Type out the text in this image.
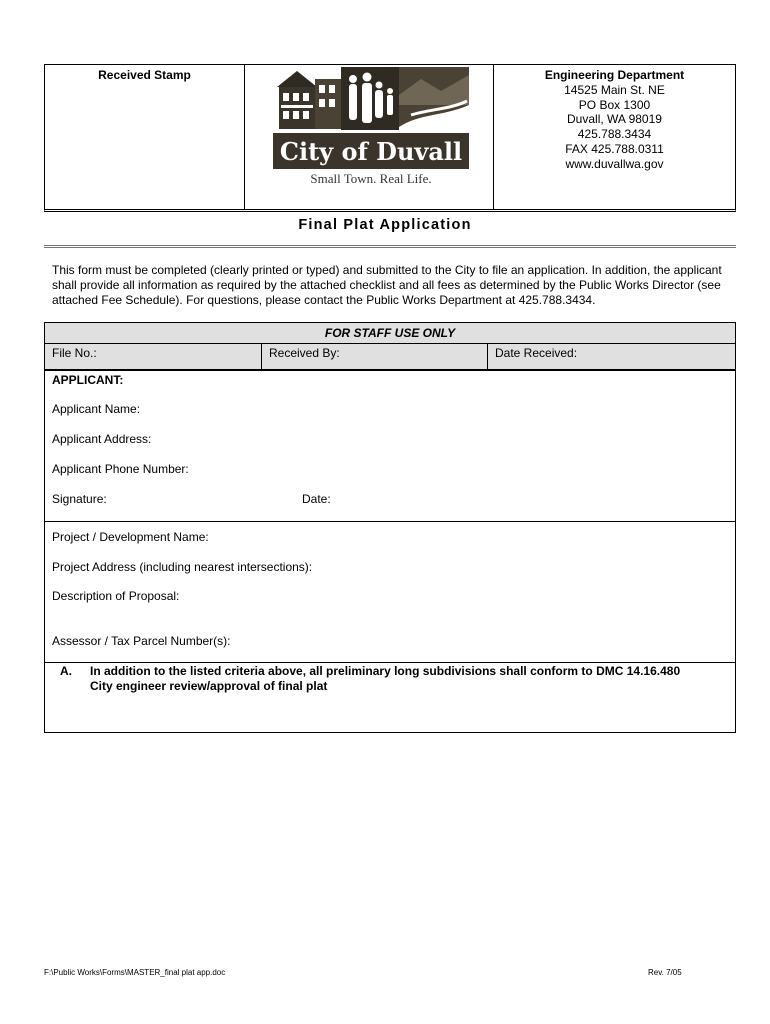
Received Stamp
City of Duvall
Small Town. Real Life.
Engineering Department
14525 Main St. NE
PO Box 1300
Duvall, WA 98019
425.788.3434
FAX 425.788.0311
www.duvallwa.gov
Final Plat Application
This form must be completed (clearly printed or typed) and submitted to the City to file an application. In addition, the applicant shall provide all information as required by the attached checklist and all fees as determined by the Public Works Director (see attached Fee Schedule). For questions, please contact the Public Works Department at 425.788.3434.
FOR STAFF USE ONLY
File No.:	Received By:	Date Received:
APPLICANT:
Applicant Name:
Applicant Address:
Applicant Phone Number:
Signature:	Date:
Project / Development Name:
Project Address (including nearest intersections):
Description of Proposal:
Assessor / Tax Parcel Number(s):
A. In addition to the listed criteria above, all preliminary long subdivisions shall conform to DMC 14.16.480
City engineer review/approval of final plat
F:\Public Works\Forms\MASTER_final plat app.doc	Rev. 7/05
